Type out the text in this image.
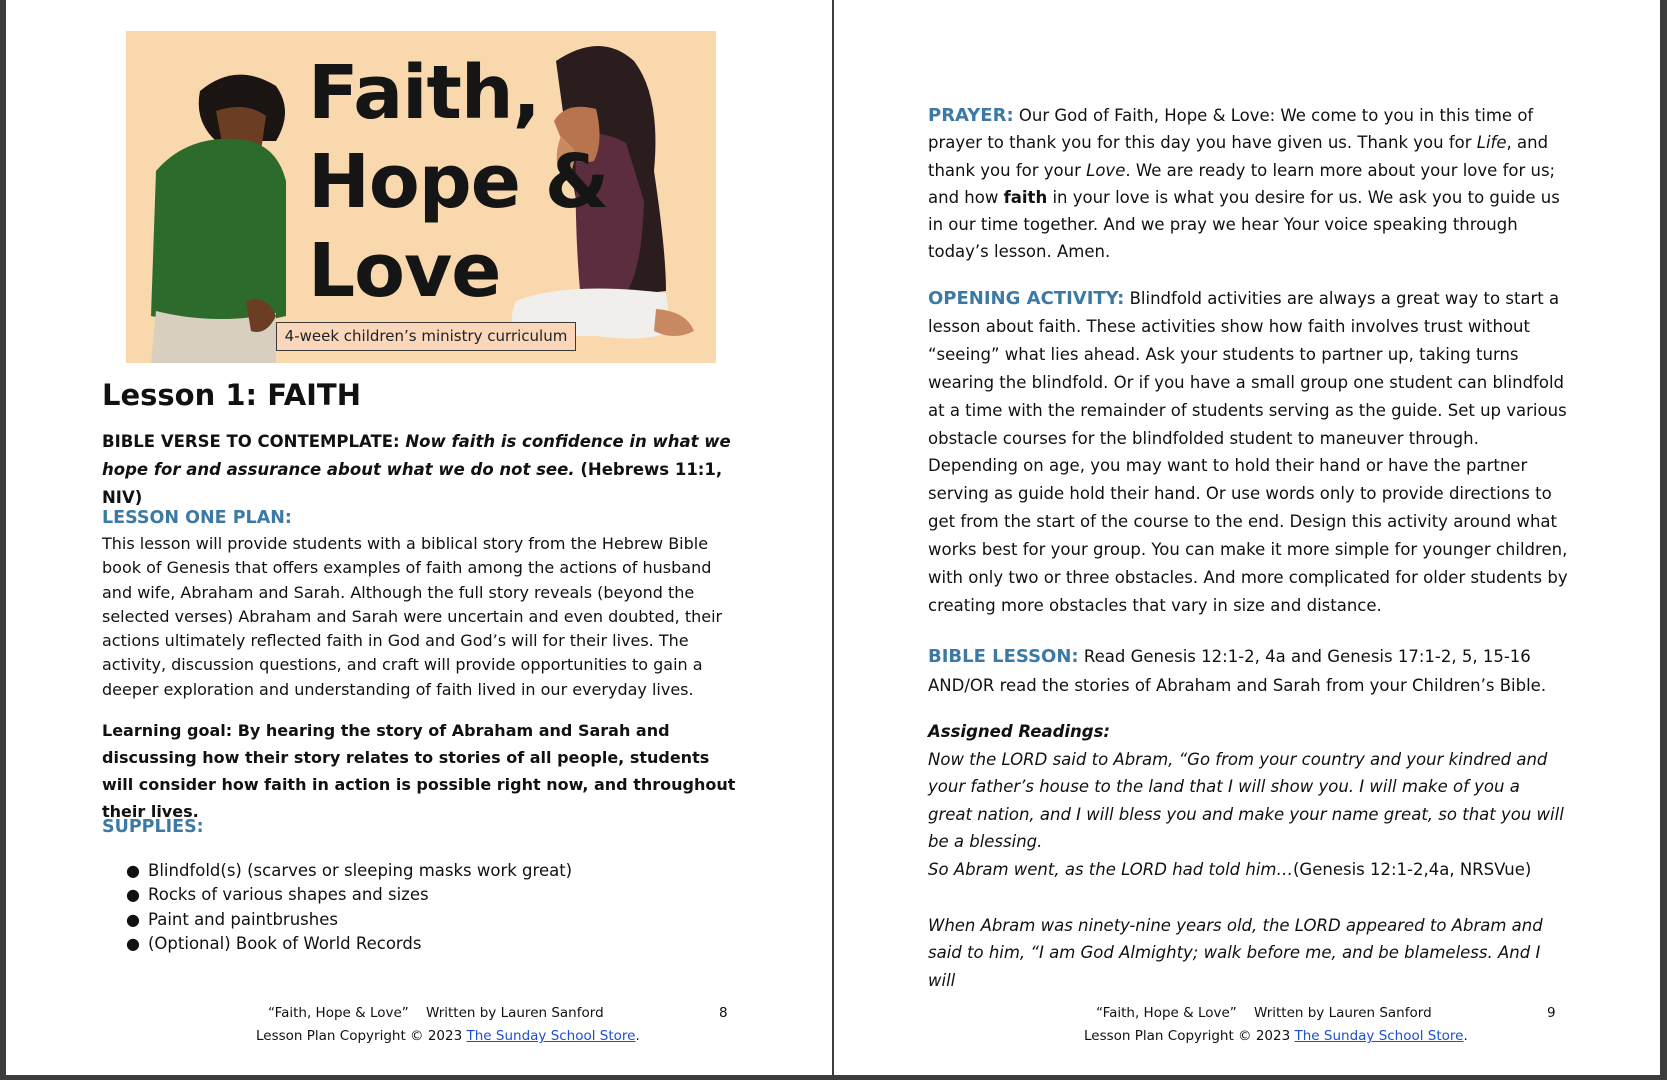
Faith,
Hope &
Love
4-week children’s ministry curriculum
Lesson 1: FAITH
BIBLE VERSE TO CONTEMPLATE: Now faith is confidence in what we hope for and assurance about what we do not see. (Hebrews 11:1, NIV)
LESSON ONE PLAN:

This lesson will provide students with a biblical story from the Hebrew Bible book of Genesis that offers examples of faith among the actions of husband and wife, Abraham and Sarah. Although the full story reveals (beyond the selected verses) Abraham and Sarah were uncertain and even doubted, their actions ultimately reflected faith in God and God’s will for their lives. The activity, discussion questions, and craft will provide opportunities to gain a deeper exploration and understanding of faith lived in our everyday lives.

Learning goal: By hearing the story of Abraham and Sarah and discussing how their story relates to stories of all people, students will consider how faith in action is possible right now, and throughout their lives.

SUPPLIES:
● Blindfold(s) (scarves or sleeping masks work great)
● Rocks of various shapes and sizes
● Paint and paintbrushes
● (Optional) Book of World Records
“Faith, Hope & Love”    Written by Lauren Sanford	8
Lesson Plan Copyright © 2023 The Sunday School Store.

PRAYER: Our God of Faith, Hope & Love: We come to you in this time of prayer to thank you for this day you have given us. Thank you for Life, and thank you for your Love. We are ready to learn more about your love for us; and how faith in your love is what you desire for us. We ask you to guide us in our time together. And we pray we hear Your voice speaking through today’s lesson. Amen.

OPENING ACTIVITY: Blindfold activities are always a great way to start a lesson about faith. These activities show how faith involves trust without “seeing” what lies ahead. Ask your students to partner up, taking turns wearing the blindfold. Or if you have a small group one student can blindfold at a time with the remainder of students serving as the guide. Set up various obstacle courses for the blindfolded student to maneuver through. Depending on age, you may want to hold their hand or have the partner serving as guide hold their hand. Or use words only to provide directions to get from the start of the course to the end. Design this activity around what works best for your group. You can make it more simple for younger children, with only two or three obstacles. And more complicated for older students by creating more obstacles that vary in size and distance.

BIBLE LESSON: Read Genesis 12:1-2, 4a and Genesis 17:1-2, 5, 15-16 AND/OR read the stories of Abraham and Sarah from your Children’s Bible.

Assigned Readings:
Now the LORD said to Abram, “Go from your country and your kindred and your father’s house to the land that I will show you. I will make of you a great nation, and I will bless you and make your name great, so that you will be a blessing.
So Abram went, as the LORD had told him…(Genesis 12:1-2,4a, NRSVue)
When Abram was ninety-nine years old, the LORD appeared to Abram and said to him, “I am God Almighty; walk before me, and be blameless. And I will
“Faith, Hope & Love”    Written by Lauren Sanford	9
Lesson Plan Copyright © 2023 The Sunday School Store.
